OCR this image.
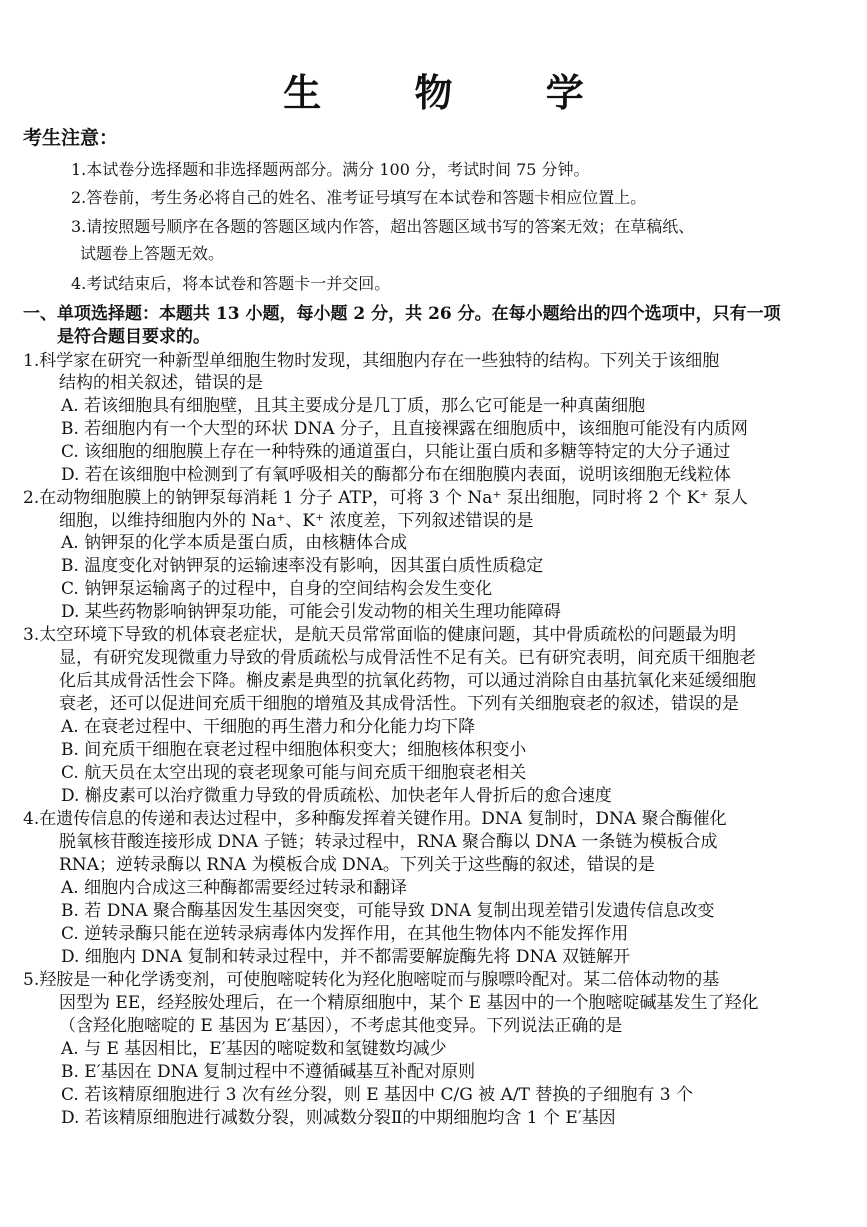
生 物 学
考生注意：
1.本试卷分选择题和非选择题两部分。满分 100 分，考试时间 75 分钟。
2.答卷前，考生务必将自己的姓名、准考证号填写在本试卷和答题卡相应位置上。
3.请按照题号顺序在各题的答题区域内作答，超出答题区域书写的答案无效；在草稿纸、
试题卷上答题无效。
4.考试结束后，将本试卷和答题卡一并交回。
一、单项选择题：本题共 13 小题，每小题 2 分，共 26 分。在每小题给出的四个选项中，只有一项
是符合题目要求的。
1.科学家在研究一种新型单细胞生物时发现，其细胞内存在一些独特的结构。下列关于该细胞
结构的相关叙述，错误的是
A. 若该细胞具有细胞壁，且其主要成分是几丁质，那么它可能是一种真菌细胞
B. 若细胞内有一个大型的环状 DNA 分子，且直接裸露在细胞质中，该细胞可能没有内质网
C. 该细胞的细胞膜上存在一种特殊的通道蛋白，只能让蛋白质和多糖等特定的大分子通过
D. 若在该细胞中检测到了有氧呼吸相关的酶都分布在细胞膜内表面，说明该细胞无线粒体
2.在动物细胞膜上的钠钾泵每消耗 1 分子 ATP，可将 3 个 Na⁺ 泵出细胞，同时将 2 个 K⁺ 泵人
细胞，以维持细胞内外的 Na⁺、K⁺ 浓度差，下列叙述错误的是
A. 钠钾泵的化学本质是蛋白质，由核糖体合成
B. 温度变化对钠钾泵的运输速率没有影响，因其蛋白质性质稳定
C. 钠钾泵运输离子的过程中，自身的空间结构会发生变化
D. 某些药物影响钠钾泵功能，可能会引发动物的相关生理功能障碍
3.太空环境下导致的机体衰老症状，是航天员常常面临的健康问题，其中骨质疏松的问题最为明
显，有研究发现微重力导致的骨质疏松与成骨活性不足有关。已有研究表明，间充质干细胞老
化后其成骨活性会下降。槲皮素是典型的抗氧化药物，可以通过消除自由基抗氧化来延缓细胞
衰老，还可以促进间充质干细胞的增殖及其成骨活性。下列有关细胞衰老的叙述，错误的是
A. 在衰老过程中、干细胞的再生潜力和分化能力均下降
B. 间充质干细胞在衰老过程中细胞体积变大；细胞核体积变小
C. 航天员在太空出现的衰老现象可能与间充质干细胞衰老相关
D. 槲皮素可以治疗微重力导致的骨质疏松、加快老年人骨折后的愈合速度
4.在遗传信息的传递和表达过程中，多种酶发挥着关键作用。DNA 复制时，DNA 聚合酶催化
脱氧核苷酸连接形成 DNA 子链；转录过程中，RNA 聚合酶以 DNA 一条链为模板合成
RNA；逆转录酶以 RNA 为模板合成 DNA。下列关于这些酶的叙述，错误的是
A. 细胞内合成这三种酶都需要经过转录和翻译
B. 若 DNA 聚合酶基因发生基因突变，可能导致 DNA 复制出现差错引发遗传信息改变
C. 逆转录酶只能在逆转录病毒体内发挥作用，在其他生物体内不能发挥作用
D. 细胞内 DNA 复制和转录过程中，并不都需要解旋酶先将 DNA 双链解开
5.羟胺是一种化学诱变剂，可使胞嘧啶转化为羟化胞嘧啶而与腺嘌呤配对。某二倍体动物的基
因型为 EE，经羟胺处理后，在一个精原细胞中，某个 E 基因中的一个胞嘧啶碱基发生了羟化
（含羟化胞嘧啶的 E 基因为 E′基因），不考虑其他变异。下列说法正确的是
A. 与 E 基因相比，E′基因的嘧啶数和氢键数均减少
B. E′基因在 DNA 复制过程中不遵循碱基互补配对原则
C. 若该精原细胞进行 3 次有丝分裂，则 E 基因中 C/G 被 A/T 替换的子细胞有 3 个
D. 若该精原细胞进行减数分裂，则减数分裂Ⅱ的中期细胞均含 1 个 E′基因
